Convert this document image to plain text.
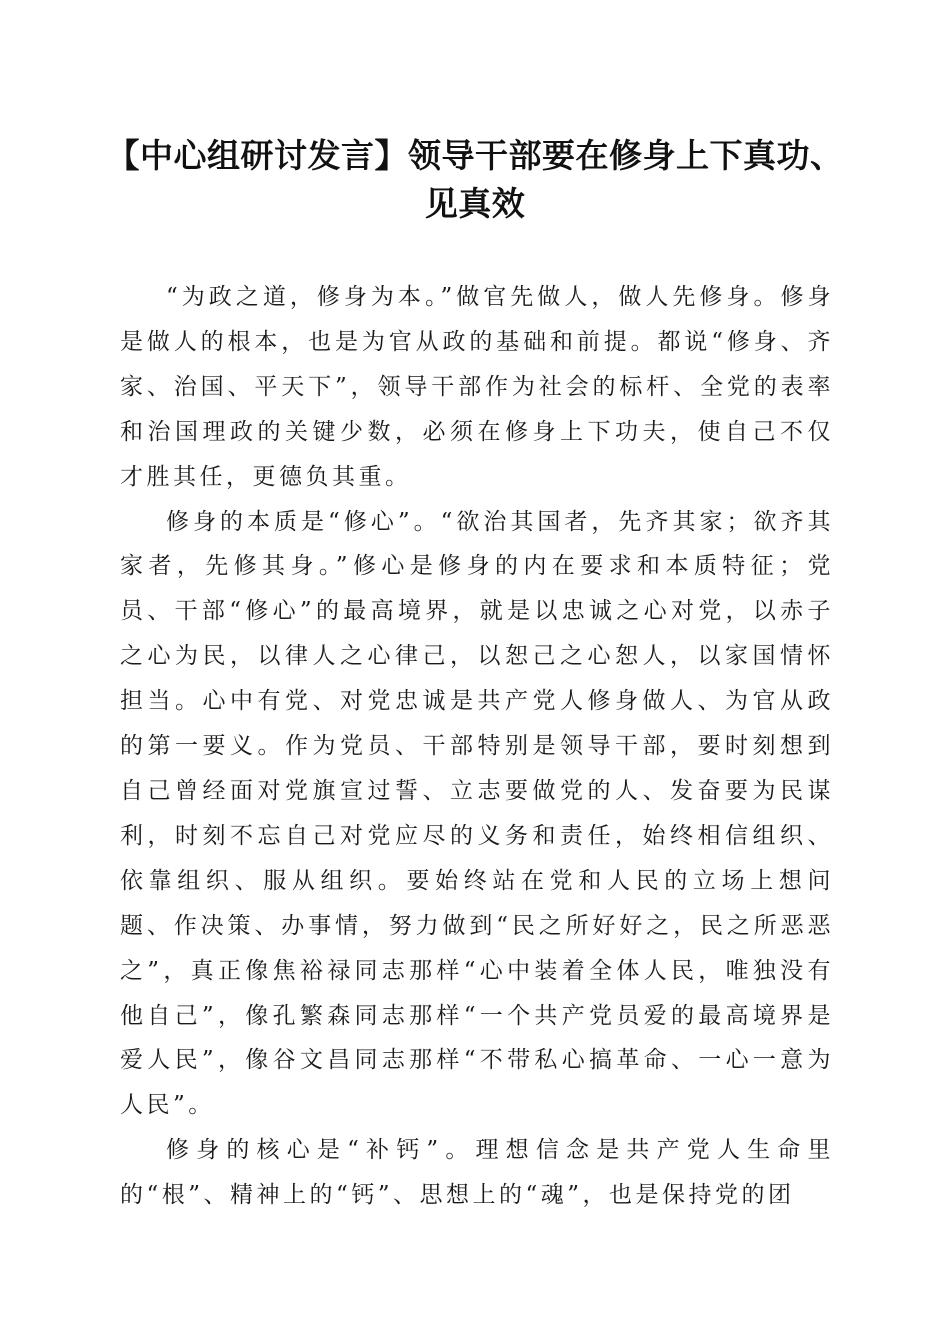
【中心组研讨发言】领导干部要在修身上下真功、见真效

“为政之道，修身为本。”做官先做人，做人先修身。修身是做人的根本，也是为官从政的基础和前提。都说“修身、齐家、治国、平天下”，领导干部作为社会的标杆、全党的表率和治国理政的关键少数，必须在修身上下功夫，使自己不仅才胜其任，更德负其重。

修身的本质是“修心”。“欲治其国者，先齐其家；欲齐其家者，先修其身。”修心是修身的内在要求和本质特征；党员、干部“修心”的最高境界，就是以忠诚之心对党，以赤子之心为民，以律人之心律己，以恕己之心恕人，以家国情怀担当。心中有党、对党忠诚是共产党人修身做人、为官从政的第一要义。作为党员、干部特别是领导干部，要时刻想到自己曾经面对党旗宣过誓、立志要做党的人、发奋要为民谋利，时刻不忘自己对党应尽的义务和责任，始终相信组织、依靠组织、服从组织。要始终站在党和人民的立场上想问题、作决策、办事情，努力做到“民之所好好之，民之所恶恶之”，真正像焦裕禄同志那样“心中装着全体人民，唯独没有他自己”，像孔繁森同志那样“一个共产党员爱的最高境界是爱人民”，像谷文昌同志那样“不带私心搞革命、一心一意为人民”。

修身的核心是“补钙”。理想信念是共产党人生命里的“根”、精神上的“钙”、思想上的“魂”，也是保持党的团
